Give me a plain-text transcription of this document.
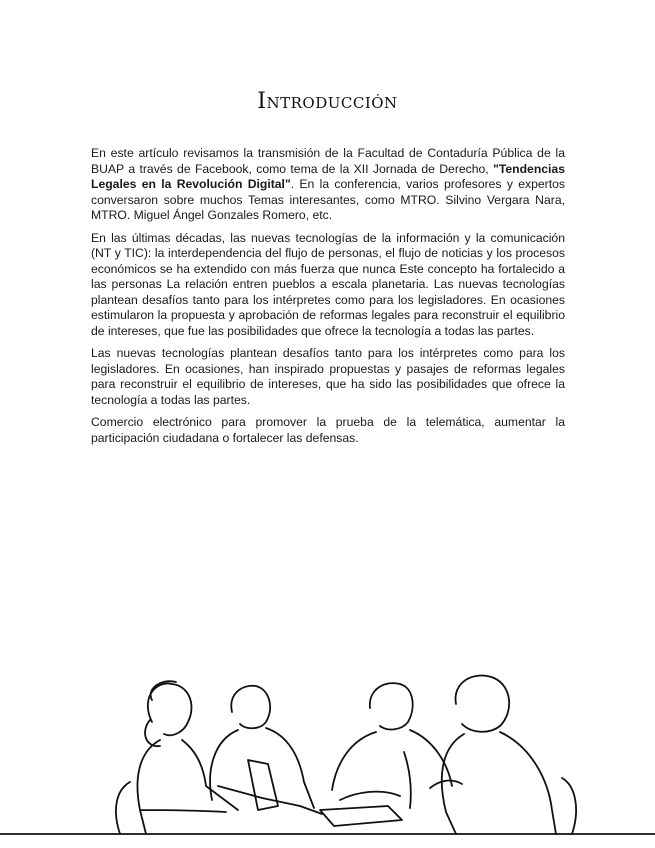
Introducción

En este artículo revisamos la transmisión de la Facultad de Contaduría Pública de la BUAP a través de Facebook, como tema de la XII Jornada de Derecho, "Tendencias Legales en la Revolución Digital". En la conferencia, varios profesores y expertos conversaron sobre muchos Temas interesantes, como MTRO. Silvino Vergara Nara, MTRO. Miguel Ángel Gonzales Romero, etc.

En las últimas décadas, las nuevas tecnologías de la información y la comunicación (NT y TIC): la interdependencia del flujo de personas, el flujo de noticias y los procesos económicos se ha extendido con más fuerza que nunca Este concepto ha fortalecido a las personas La relación entren pueblos a escala planetaria. Las nuevas tecnologías plantean desafíos tanto para los intérpretes como para los legisladores. En ocasiones estimularon la propuesta y aprobación de reformas legales para reconstruir el equilibrio de intereses, que fue las posibilidades que ofrece la tecnología a todas las partes.

Las nuevas tecnologías plantean desafíos tanto para los intérpretes como para los legisladores. En ocasiones, han inspirado propuestas y pasajes de reformas legales para reconstruir el equilibrio de intereses, que ha sido las posibilidades que ofrece la tecnología a todas las partes.

Comercio electrónico para promover la prueba de la telemática, aumentar la participación ciudadana o fortalecer las defensas.
